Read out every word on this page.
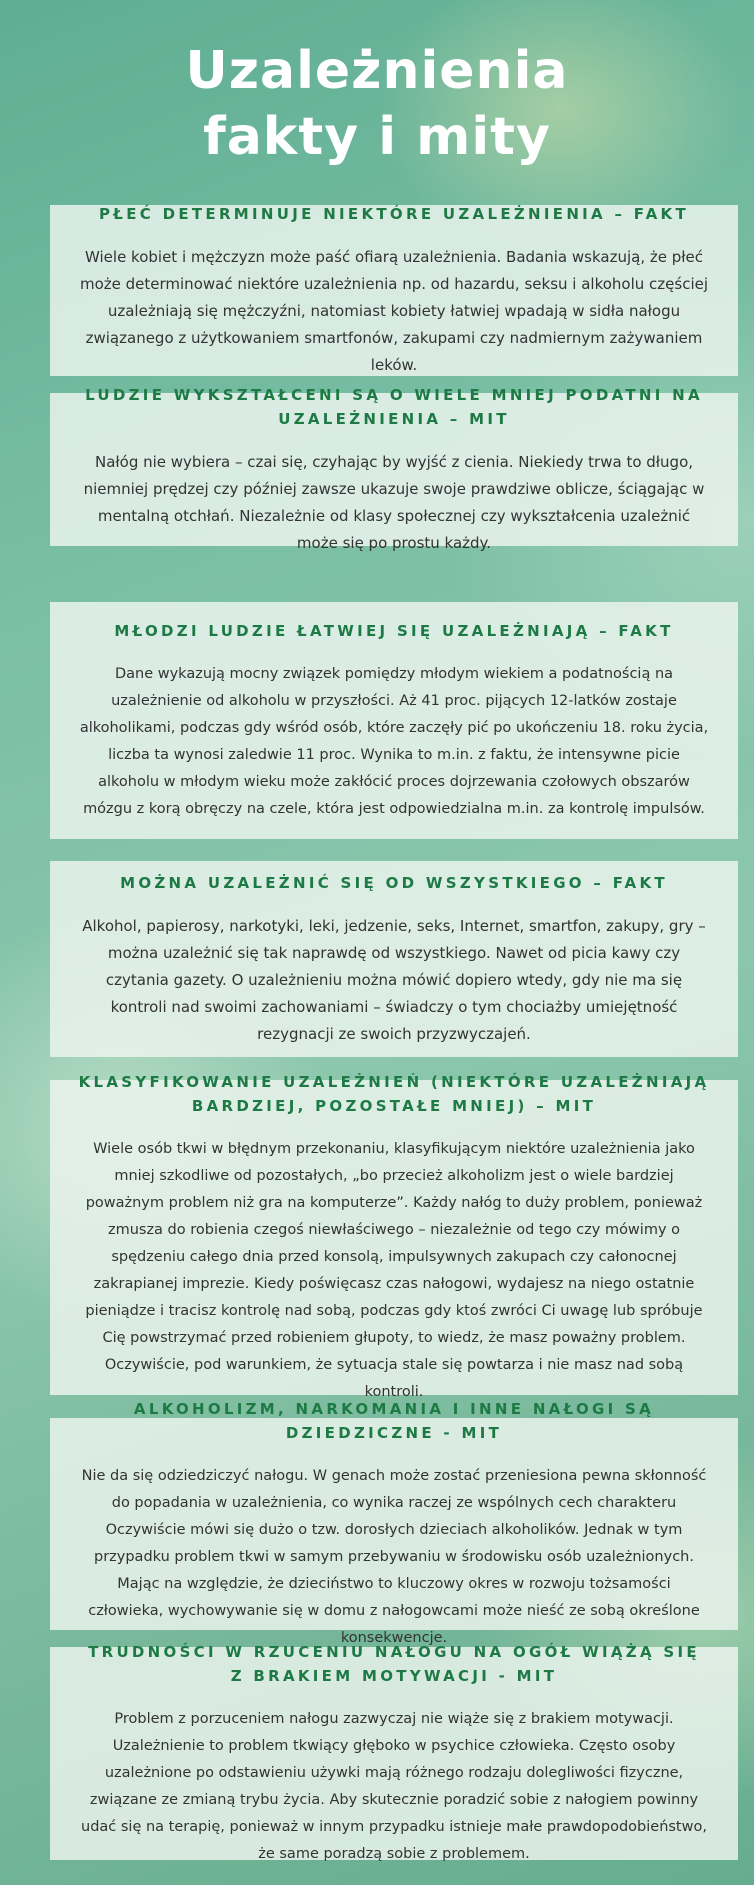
Uzależnienia
fakty i mity
PŁEĆ DETERMINUJE NIEKTÓRE UZALEŻNIENIA – FAKT
Wiele kobiet i mężczyzn może paść ofiarą uzależnienia. Badania wskazują, że płeć może determinować niektóre uzależnienia np. od hazardu, seksu i alkoholu częściej uzależniają się mężczyźni, natomiast kobiety łatwiej wpadają w sidła nałogu związanego z użytkowaniem smartfonów, zakupami czy nadmiernym zażywaniem leków.
LUDZIE WYKSZTAŁCENI SĄ O WIELE MNIEJ PODATNI NA UZALEŻNIENIA – MIT
Nałóg nie wybiera – czai się, czyhając by wyjść z cienia. Niekiedy trwa to długo, niemniej prędzej czy później zawsze ukazuje swoje prawdziwe oblicze, ściągając w mentalną otchłań. Niezależnie od klasy społecznej czy wykształcenia uzależnić może się po prostu każdy.
MŁODZI LUDZIE ŁATWIEJ SIĘ UZALEŻNIAJĄ – FAKT
Dane wykazują mocny związek pomiędzy młodym wiekiem a podatnością na uzależnienie od alkoholu w przyszłości. Aż 41 proc. pijących 12-latków zostaje alkoholikami, podczas gdy wśród osób, które zaczęły pić po ukończeniu 18. roku życia, liczba ta wynosi zaledwie 11 proc. Wynika to m.in. z faktu, że intensywne picie alkoholu w młodym wieku może zakłócić proces dojrzewania czołowych obszarów mózgu z korą obręczy na czele, która jest odpowiedzialna m.in. za kontrolę impulsów.
MOŻNA UZALEŻNIĆ SIĘ OD WSZYSTKIEGO – FAKT
Alkohol, papierosy, narkotyki, leki, jedzenie, seks, Internet, smartfon, zakupy, gry – można uzależnić się tak naprawdę od wszystkiego. Nawet od picia kawy czy czytania gazety. O uzależnieniu można mówić dopiero wtedy, gdy nie ma się kontroli nad swoimi zachowaniami – świadczy o tym chociażby umiejętność rezygnacji ze swoich przyzwyczajeń.
KLASYFIKOWANIE UZALEŻNIEŃ (NIEKTÓRE UZALEŻNIAJĄ BARDZIEJ, POZOSTAŁE MNIEJ) – MIT
Wiele osób tkwi w błędnym przekonaniu, klasyfikującym niektóre uzależnienia jako mniej szkodliwe od pozostałych, „bo przecież alkoholizm jest o wiele bardziej poważnym problem niż gra na komputerze”. Każdy nałóg to duży problem, ponieważ zmusza do robienia czegoś niewłaściwego – niezależnie od tego czy mówimy o spędzeniu całego dnia przed konsolą, impulsywnych zakupach czy całonocnej zakrapianej imprezie. Kiedy poświęcasz czas nałogowi, wydajesz na niego ostatnie pieniądze i tracisz kontrolę nad sobą, podczas gdy ktoś zwróci Ci uwagę lub spróbuje Cię powstrzymać przed robieniem głupoty, to wiedz, że masz poważny problem. Oczywiście, pod warunkiem, że sytuacja stale się powtarza i nie masz nad sobą kontroli.
ALKOHOLIZM, NARKOMANIA I INNE NAŁOGI SĄ DZIEDZICZNE - MIT
Nie da się odziedziczyć nałogu. W genach może zostać przeniesiona pewna skłonność do popadania w uzależnienia, co wynika raczej ze wspólnych cech charakteru Oczywiście mówi się dużo o tzw. dorosłych dzieciach alkoholików. Jednak w tym przypadku problem tkwi w samym przebywaniu w środowisku osób uzależnionych. Mając na względzie, że dzieciństwo to kluczowy okres w rozwoju tożsamości człowieka, wychowywanie się w domu z nałogowcami może nieść ze sobą określone konsekwencje.
TRUDNOŚCI W RZUCENIU NAŁOGU NA OGÓŁ WIĄŻĄ SIĘ Z BRAKIEM MOTYWACJI - MIT
Problem z porzuceniem nałogu zazwyczaj nie wiąże się z brakiem motywacji. Uzależnienie to problem tkwiący głęboko w psychice człowieka. Często osoby uzależnione po odstawieniu używki mają różnego rodzaju dolegliwości fizyczne, związane ze zmianą trybu życia. Aby skutecznie poradzić sobie z nałogiem powinny udać się na terapię, ponieważ w innym przypadku istnieje małe prawdopodobieństwo, że same poradzą sobie z problemem.
